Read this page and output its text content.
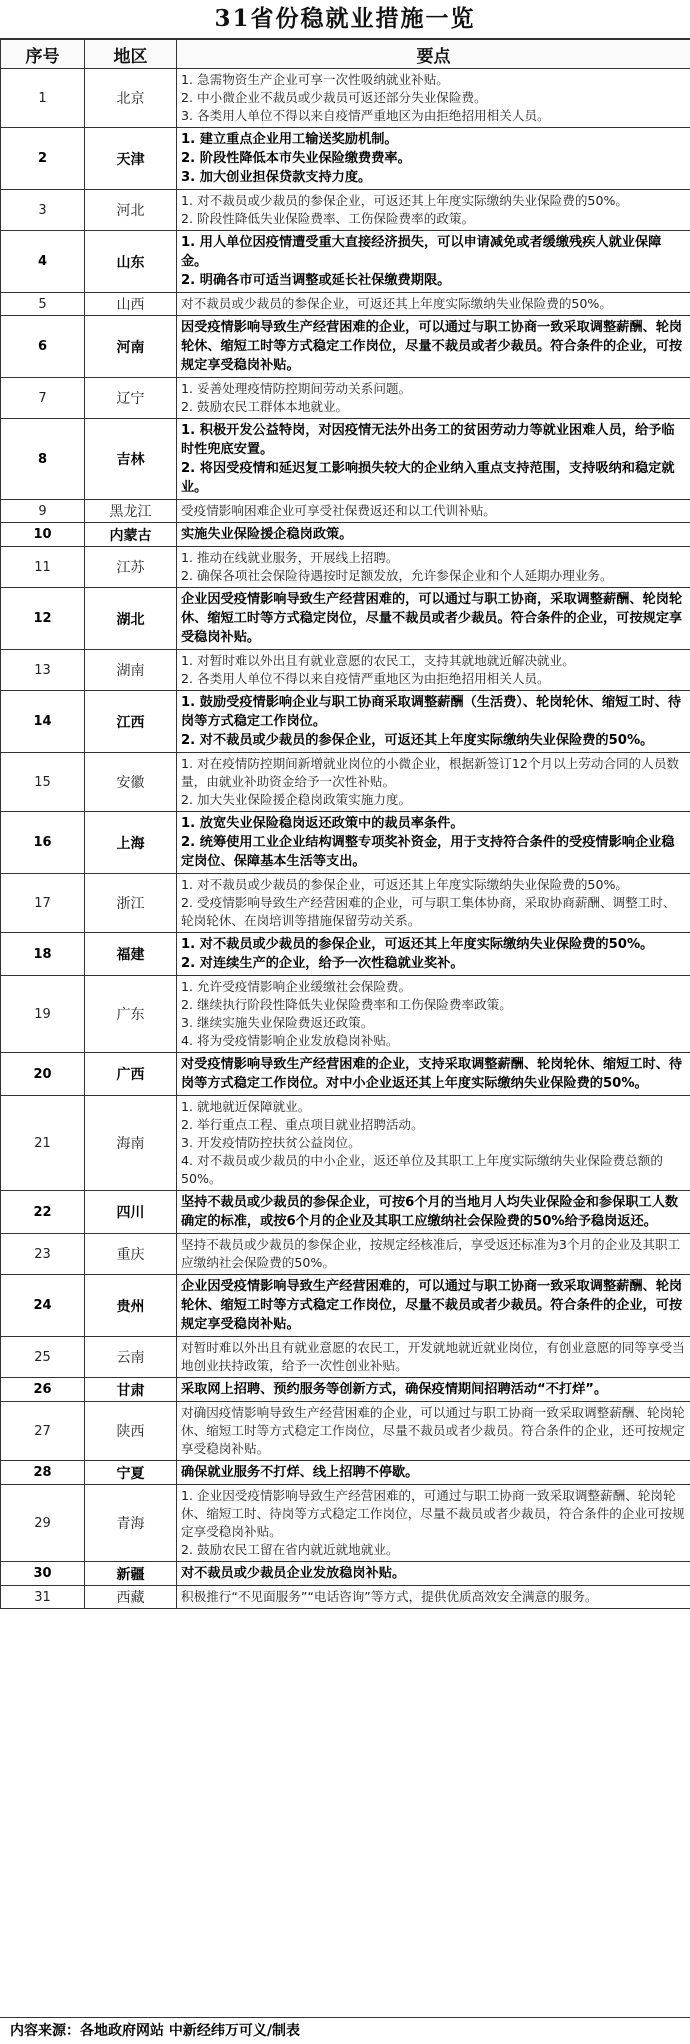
31省份稳就业措施一览
序号	地区	要点
1	北京	1. 急需物资生产企业可享一次性吸纳就业补贴。
2. 中小微企业不裁员或少裁员可返还部分失业保险费。
3. 各类用人单位不得以来自疫情严重地区为由拒绝招用相关人员。

2	天津	1. 建立重点企业用工输送奖励机制。
2. 阶段性降低本市失业保险缴费费率。
3. 加大创业担保贷款支持力度。

3	河北	1. 对不裁员或少裁员的参保企业，可返还其上年度实际缴纳失业保险费的50%。
2. 阶段性降低失业保险费率、工伤保险费率的政策。

4	山东	1. 用人单位因疫情遭受重大直接经济损失，可以申请减免或者缓缴残疾人就业保障金。
2. 明确各市可适当调整或延长社保缴费期限。

5	山西	对不裁员或少裁员的参保企业，可返还其上年度实际缴纳失业保险费的50%。

6	河南	因受疫情影响导致生产经营困难的企业，可以通过与职工协商一致采取调整薪酬、轮岗轮休、缩短工时等方式稳定工作岗位，尽量不裁员或者少裁员。符合条件的企业，可按规定享受稳岗补贴。

7	辽宁	1. 妥善处理疫情防控期间劳动关系问题。
2. 鼓励农民工群体本地就业。

8	吉林	1. 积极开发公益特岗，对因疫情无法外出务工的贫困劳动力等就业困难人员，给予临时性兜底安置。
2. 将因受疫情和延迟复工影响损失较大的企业纳入重点支持范围，支持吸纳和稳定就业。

9	黑龙江	受疫情影响困难企业可享受社保费返还和以工代训补贴。

10	内蒙古	实施失业保险援企稳岗政策。

11	江苏	1. 推动在线就业服务，开展线上招聘。
2. 确保各项社会保险待遇按时足额发放，允许参保企业和个人延期办理业务。

12	湖北	企业因受疫情影响导致生产经营困难的，可以通过与职工协商，采取调整薪酬、轮岗轮休、缩短工时等方式稳定岗位，尽量不裁员或者少裁员。符合条件的企业，可按规定享受稳岗补贴。

13	湖南	1. 对暂时难以外出且有就业意愿的农民工，支持其就地就近解决就业。
2. 各类用人单位不得以来自疫情严重地区为由拒绝招用相关人员。

14	江西	1. 鼓励受疫情影响企业与职工协商采取调整薪酬（生活费）、轮岗轮休、缩短工时、待岗等方式稳定工作岗位。
2. 对不裁员或少裁员的参保企业，可返还其上年度实际缴纳失业保险费的50%。

15	安徽	1. 对在疫情防控期间新增就业岗位的小微企业，根据新签订12个月以上劳动合同的人员数量，由就业补助资金给予一次性补贴。
2. 加大失业保险援企稳岗政策实施力度。

16	上海	1. 放宽失业保险稳岗返还政策中的裁员率条件。
2. 统筹使用工业企业结构调整专项奖补资金，用于支持符合条件的受疫情影响企业稳定岗位、保障基本生活等支出。

17	浙江	1. 对不裁员或少裁员的参保企业，可返还其上年度实际缴纳失业保险费的50%。
2. 受疫情影响导致生产经营困难的企业，可与职工集体协商，采取协商薪酬、调整工时、轮岗轮休、在岗培训等措施保留劳动关系。

18	福建	1. 对不裁员或少裁员的参保企业，可返还其上年度实际缴纳失业保险费的50%。
2. 对连续生产的企业，给予一次性稳就业奖补。

19	广东	1. 允许受疫情影响企业缓缴社会保险费。
2. 继续执行阶段性降低失业保险费率和工伤保险费率政策。
3. 继续实施失业保险费返还政策。
4. 将为受疫情影响企业发放稳岗补贴。

20	广西	对受疫情影响导致生产经营困难的企业，支持采取调整薪酬、轮岗轮休、缩短工时、待岗等方式稳定工作岗位。对中小企业返还其上年度实际缴纳失业保险费的50%。

21	海南	1. 就地就近保障就业。
2. 举行重点工程、重点项目就业招聘活动。
3. 开发疫情防控扶贫公益岗位。
4. 对不裁员或少裁员的中小企业，返还单位及其职工上年度实际缴纳失业保险费总额的50%。

22	四川	坚持不裁员或少裁员的参保企业，可按6个月的当地月人均失业保险金和参保职工人数确定的标准，或按6个月的企业及其职工应缴纳社会保险费的50%给予稳岗返还。

23	重庆	坚持不裁员或少裁员的参保企业，按规定经核准后，享受返还标准为3个月的企业及其职工应缴纳社会保险费的50%。

24	贵州	企业因受疫情影响导致生产经营困难的，可以通过与职工协商一致采取调整薪酬、轮岗轮休、缩短工时等方式稳定工作岗位，尽量不裁员或者少裁员。符合条件的企业，可按规定享受稳岗补贴。

25	云南	对暂时难以外出且有就业意愿的农民工，开发就地就近就业岗位，有创业意愿的同等享受当地创业扶持政策，给予一次性创业补贴。

26	甘肃	采取网上招聘、预约服务等创新方式，确保疫情期间招聘活动“不打烊”。

27	陕西	对确因疫情影响导致生产经营困难的企业，可以通过与职工协商一致采取调整薪酬、轮岗轮休、缩短工时等方式稳定工作岗位，尽量不裁员或者少裁员。符合条件的企业，还可按规定享受稳岗补贴。

28	宁夏	确保就业服务不打烊、线上招聘不停歇。

29	青海	1. 企业因受疫情影响导致生产经营困难的，可通过与职工协商一致采取调整薪酬、轮岗轮休、缩短工时、待岗等方式稳定工作岗位，尽量不裁员或者少裁员，符合条件的企业可按规定享受稳岗补贴。
2. 鼓励农民工留在省内就近就地就业。

30	新疆	对不裁员或少裁员企业发放稳岗补贴。

31	西藏	积极推行“不见面服务”“电话咨询”等方式，提供优质高效安全满意的服务。
内容来源：各地政府网站 中新经纬万可义/制表
